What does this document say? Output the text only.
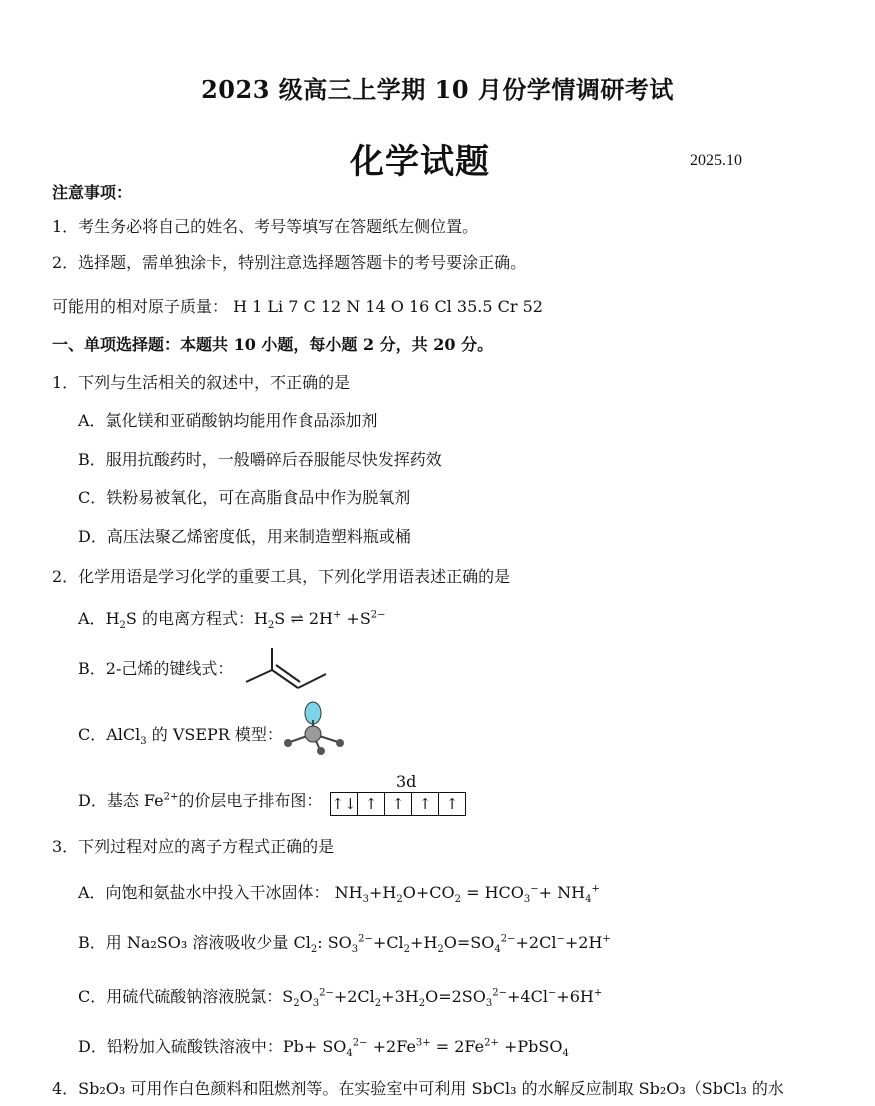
2023 级高三上学期 10 月份学情调研考试
化学试题	2025.10
注意事项：
1．考生务必将自己的姓名、考号等填写在答题纸左侧位置。
2．选择题，需单独涂卡，特别注意选择题答题卡的考号要涂正确。
可能用的相对原子质量： H 1 Li 7 C 12 N 14 O 16 Cl 35.5 Cr 52
一、单项选择题：本题共 10 小题，每小题 2 分，共 20 分。
1．下列与生活相关的叙述中，不正确的是
A．氯化镁和亚硝酸钠均能用作食品添加剂
B．服用抗酸药时，一般嚼碎后吞服能尽快发挥药效
C．铁粉易被氧化，可在高脂食品中作为脱氧剂
D．高压法聚乙烯密度低，用来制造塑料瓶或桶
2．化学用语是学习化学的重要工具，下列化学用语表述正确的是
A．$H_2S$ 的电离方程式：$H_2S$ ⇌ $2H^+ +S^{2-}$
B．2-己烯的键线式：
C．AlCl$_3$ 的 VSEPR 模型：
3d
D．基态 $Fe^{2+}$的价层电子排布图： ↑↓ ↑ ↑ ↑ ↑
3．下列过程对应的离子方程式正确的是
A．向饱和氨盐水中投入干冰固体： $NH_3+H_2O+CO_2 = HCO_3^-+ NH_4^+$
B．用 Na₂SO₃ 溶液吸收少量 $Cl_2$: $SO_3^{2-}+Cl_2+H_2O=SO_4^{2-}+2Cl^-+2H^+$
C．用硫代硫酸钠溶液脱氯：$S_2O_3^{2-}+2Cl_2+3H_2O=2SO_3^{2-}+4Cl^-+6H^+$
D．铅粉加入硫酸铁溶液中：$Pb+ SO_4^{2-} +2Fe^{3+} = 2Fe^{2+}$ +PbSO$_4$
4．Sb₂O₃ 可用作白色颜料和阻燃剂等。在实验室中可利用 SbCl₃ 的水解反应制取 Sb₂O₃（SbCl₃ 的水
